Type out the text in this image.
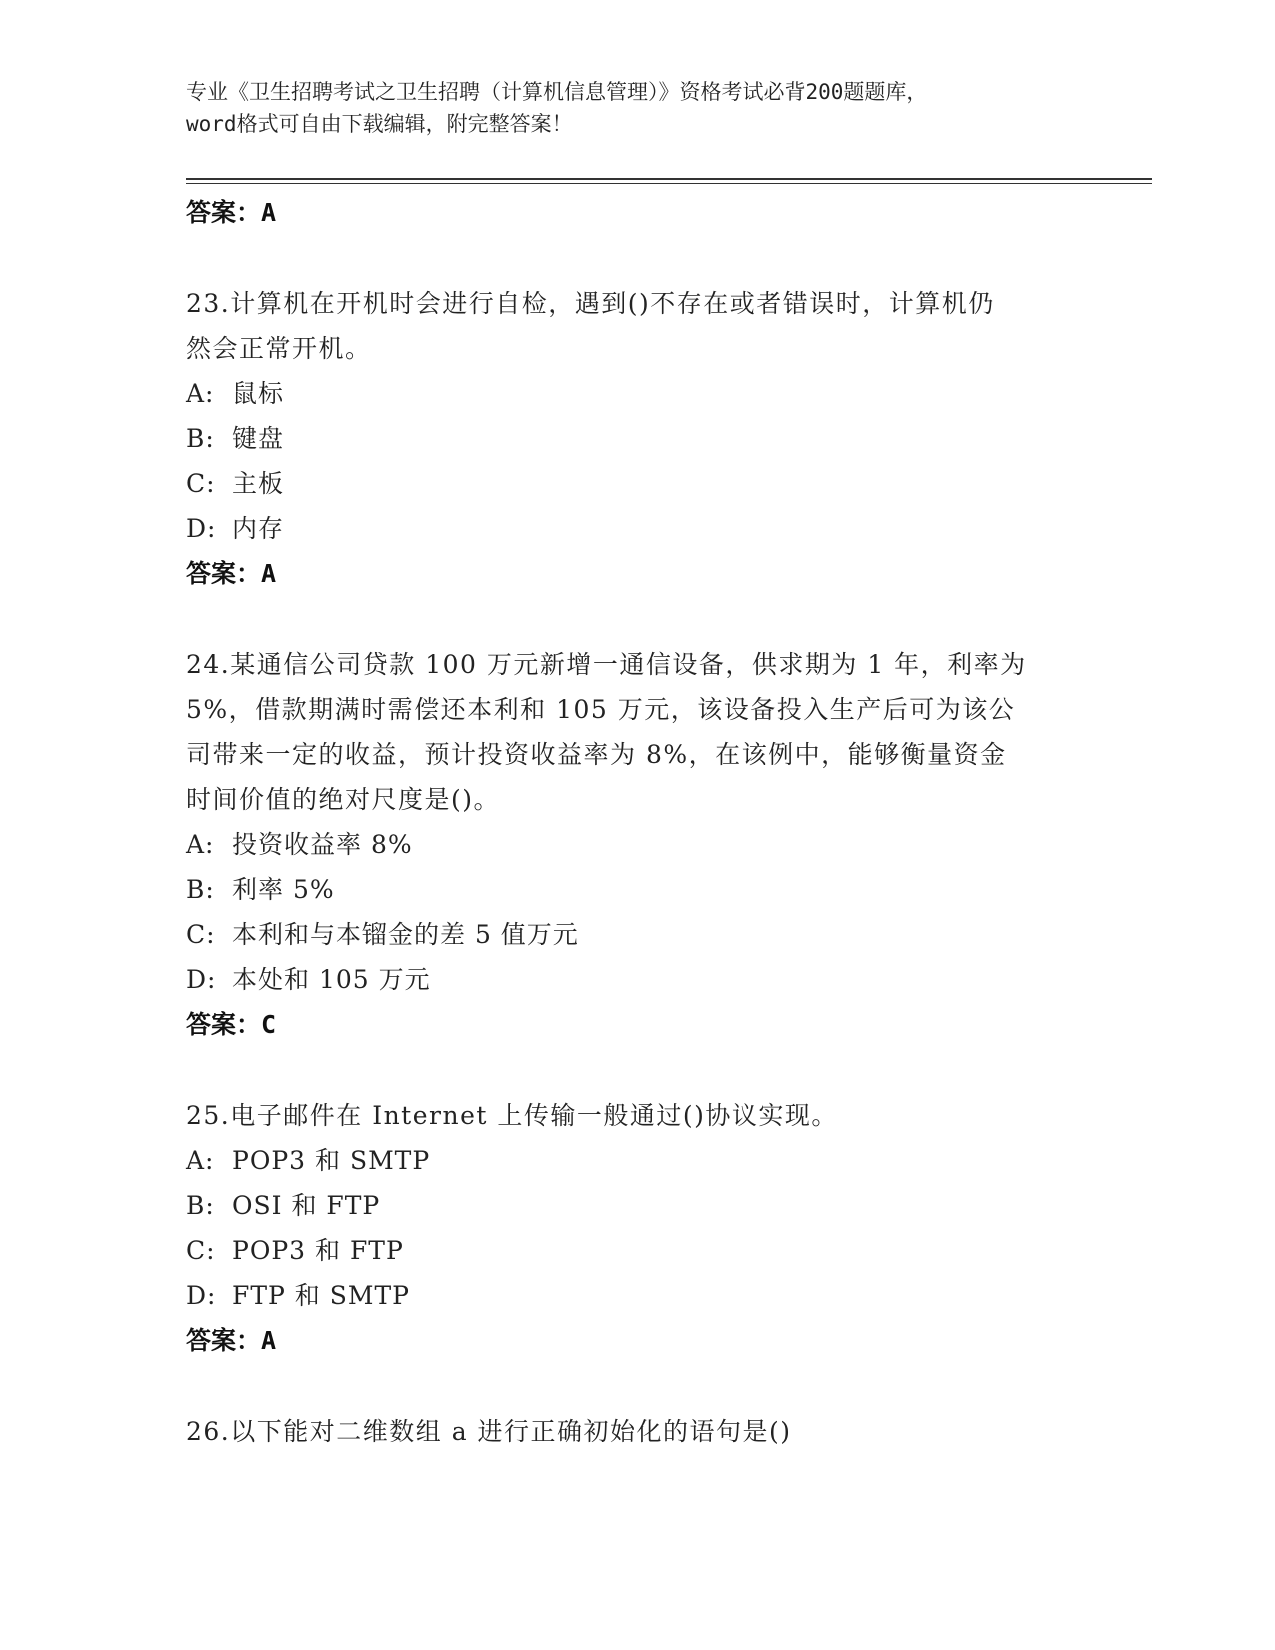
专业《卫生招聘考试之卫生招聘（计算机信息管理）》资格考试必背200题题库，
word格式可自由下载编辑，附完整答案！
答案：A
23.计算机在开机时会进行自检，遇到()不存在或者错误时，计算机仍
然会正常开机。
A: 鼠标
B: 键盘
C: 主板
D: 内存
答案：A
24.某通信公司贷款 100 万元新增一通信设备，供求期为 1 年，利率为
5%，借款期满时需偿还本利和 105 万元，该设备投入生产后可为该公
司带来一定的收益，预计投资收益率为 8%，在该例中，能够衡量资金
时间价值的绝对尺度是()。
A: 投资收益率 8%
B: 利率 5%
C: 本利和与本镏金的差 5 值万元
D: 本处和 105 万元
答案：C
25.电子邮件在 Internet 上传输一般通过()协议实现。
A: POP3 和 SMTP
B: OSI 和 FTP
C: POP3 和 FTP
D: FTP 和 SMTP
答案：A
26.以下能对二维数组 a 进行正确初始化的语句是()
